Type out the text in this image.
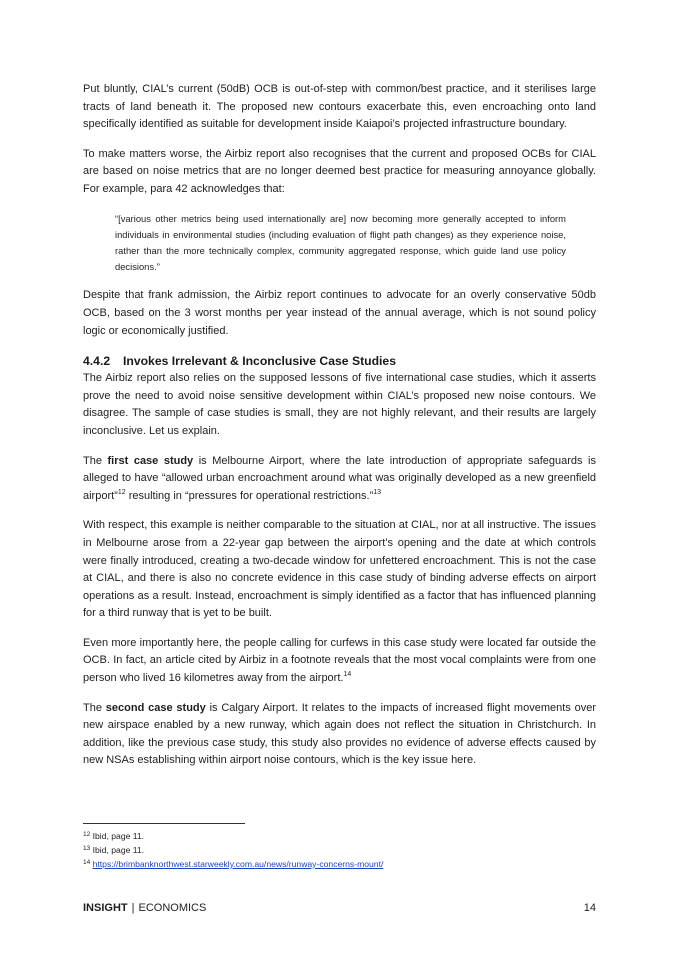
Put bluntly, CIAL’s current (50dB) OCB is out-of-step with common/best practice, and it sterilises large tracts of land beneath it. The proposed new contours exacerbate this, even encroaching onto land specifically identified as suitable for development inside Kaiapoi’s projected infrastructure boundary.

To make matters worse, the Airbiz report also recognises that the current and proposed OCBs for CIAL are based on noise metrics that are no longer deemed best practice for measuring annoyance globally. For example, para 42 acknowledges that:

“[various other metrics being used internationally are] now becoming more generally accepted to inform individuals in environmental studies (including evaluation of flight path changes) as they experience noise, rather than the more technically complex, community aggregated response, which guide land use policy decisions.”

Despite that frank admission, the Airbiz report continues to advocate for an overly conservative 50db OCB, based on the 3 worst months per year instead of the annual average, which is not sound policy logic or economically justified.

4.4.2 Invokes Irrelevant & Inconclusive Case Studies

The Airbiz report also relies on the supposed lessons of five international case studies, which it asserts prove the need to avoid noise sensitive development within CIAL’s proposed new noise contours. We disagree. The sample of case studies is small, they are not highly relevant, and their results are largely inconclusive. Let us explain.

The first case study is Melbourne Airport, where the late introduction of appropriate safeguards is alleged to have “allowed urban encroachment around what was originally developed as a new greenfield airport”$^{12}$ resulting in “pressures for operational restrictions.”$^{13}$

With respect, this example is neither comparable to the situation at CIAL, nor at all instructive. The issues in Melbourne arose from a 22-year gap between the airport’s opening and the date at which controls were finally introduced, creating a two-decade window for unfettered encroachment. This is not the case at CIAL, and there is also no concrete evidence in this case study of binding adverse effects on airport operations as a result. Instead, encroachment is simply identified as a factor that has influenced planning for a third runway that is yet to be built.

Even more importantly here, the people calling for curfews in this case study were located far outside the OCB. In fact, an article cited by Airbiz in a footnote reveals that the most vocal complaints were from one person who lived 16 kilometres away from the airport.$^{14}$

The second case study is Calgary Airport. It relates to the impacts of increased flight movements over new airspace enabled by a new runway, which again does not reflect the situation in Christchurch. In addition, like the previous case study, this study also provides no evidence of adverse effects caused by new NSAs establishing within airport noise contours, which is the key issue here.

$^{12}$ Ibid, page 11.
$^{13}$ Ibid, page 11.
$^{14}$ https://brimbanknorthwest.starweekly.com.au/news/runway-concerns-mount/
INSIGHT | ECONOMICS	14
